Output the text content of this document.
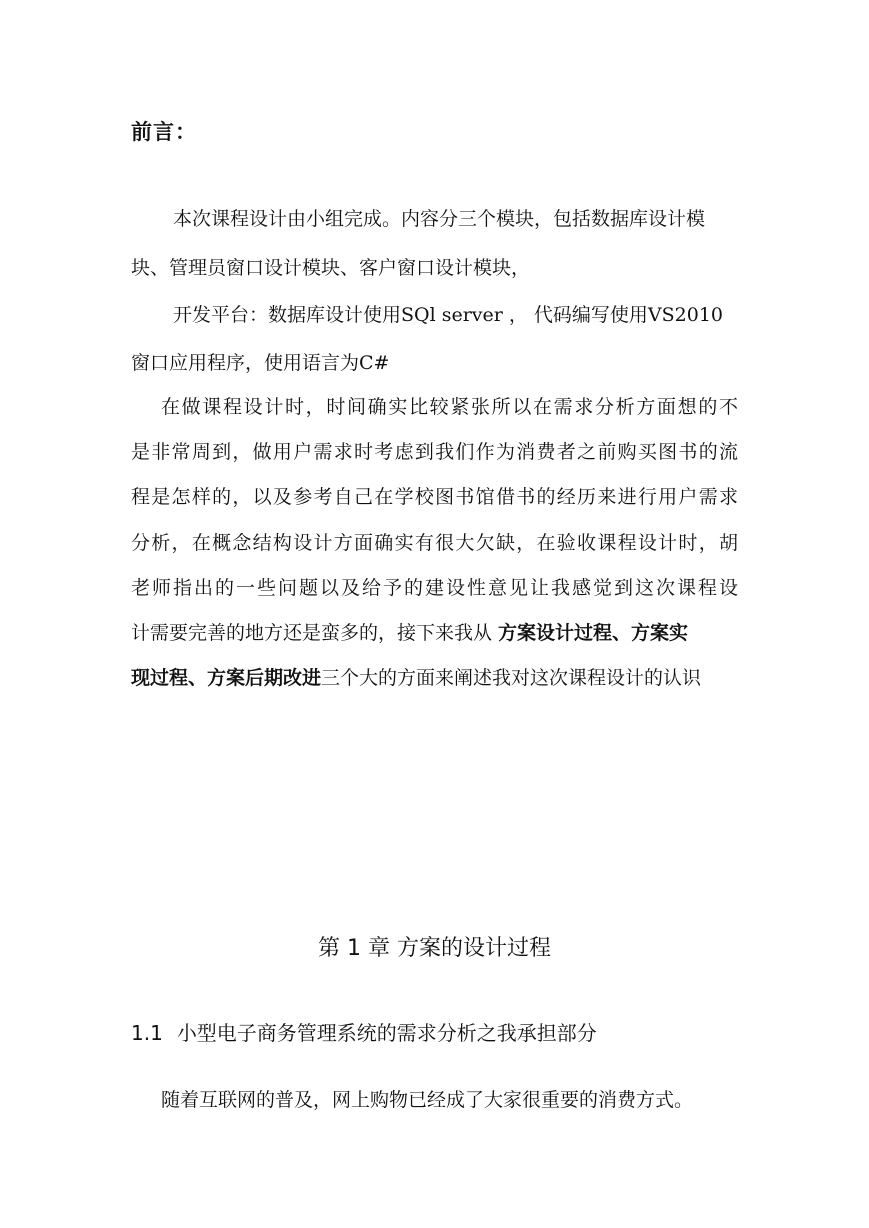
前言：
本次课程设计由小组完成。内容分三个模块，包括数据库设计模
块、管理员窗口设计模块、客户窗口设计模块，
开发平台：数据库设计使用SQl server ， 代码编写使用VS2010
窗口应用程序，使用语言为C#
在做课程设计时，时间确实比较紧张所以在需求分析方面想的不
是非常周到，做用户需求时考虑到我们作为消费者之前购买图书的流
程是怎样的，以及参考自己在学校图书馆借书的经历来进行用户需求
分析，在概念结构设计方面确实有很大欠缺，在验收课程设计时，胡
老师指出的一些问题以及给予的建设性意见让我感觉到这次课程设
计需要完善的地方还是蛮多的，接下来我从 方案设计过程、方案实
现过程、方案后期改进三个大的方面来阐述我对这次课程设计的认识
第 1 章 方案的设计过程
1.1 小型电子商务管理系统的需求分析之我承担部分
随着互联网的普及，网上购物已经成了大家很重要的消费方式。
